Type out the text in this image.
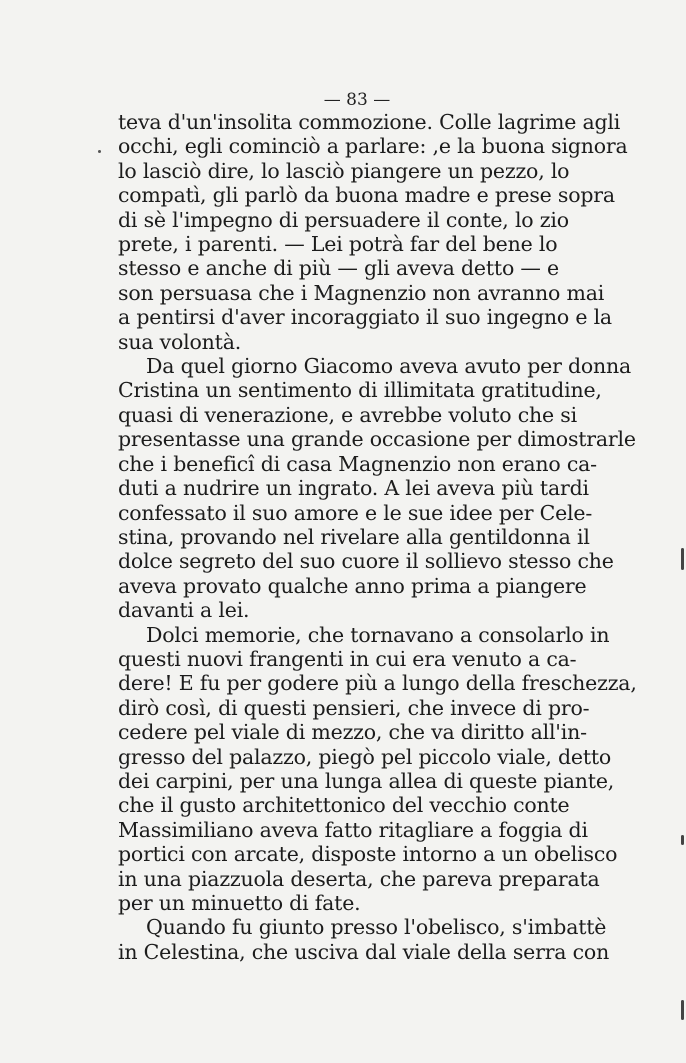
— 83 —
teva d'un'insolita commozione. Colle lagrime agli
occhi, egli cominciò a parlare: ,e la buona signora
lo lasciò dire, lo lasciò piangere un pezzo, lo
compatì, gli parlò da buona madre e prese sopra
di sè l'impegno di persuadere il conte, lo zio
prete, i parenti. — Lei potrà far del bene lo
stesso e anche di più — gli aveva detto — e
son persuasa che i Magnenzio non avranno mai
a pentirsi d'aver incoraggiato il suo ingegno e la
sua volontà.
Da quel giorno Giacomo aveva avuto per donna
Cristina un sentimento di illimitata gratitudine,
quasi di venerazione, e avrebbe voluto che si
presentasse una grande occasione per dimostrarle
che i beneficî di casa Magnenzio non erano ca-
duti a nudrire un ingrato. A lei aveva più tardi
confessato il suo amore e le sue idee per Cele-
stina, provando nel rivelare alla gentildonna il
dolce segreto del suo cuore il sollievo stesso che
aveva provato qualche anno prima a piangere
davanti a lei.
Dolci memorie, che tornavano a consolarlo in
questi nuovi frangenti in cui era venuto a ca-
dere! E fu per godere più a lungo della freschezza,
dirò così, di questi pensieri, che invece di pro-
cedere pel viale di mezzo, che va diritto all'in-
gresso del palazzo, piegò pel piccolo viale, detto
dei carpini, per una lunga allea di queste piante,
che il gusto architettonico del vecchio conte
Massimiliano aveva fatto ritagliare a foggia di
portici con arcate, disposte intorno a un obelisco
in una piazzuola deserta, che pareva preparata
per un minuetto di fate.
Quando fu giunto presso l'obelisco, s'imbattè
in Celestina, che usciva dal viale della serra con
